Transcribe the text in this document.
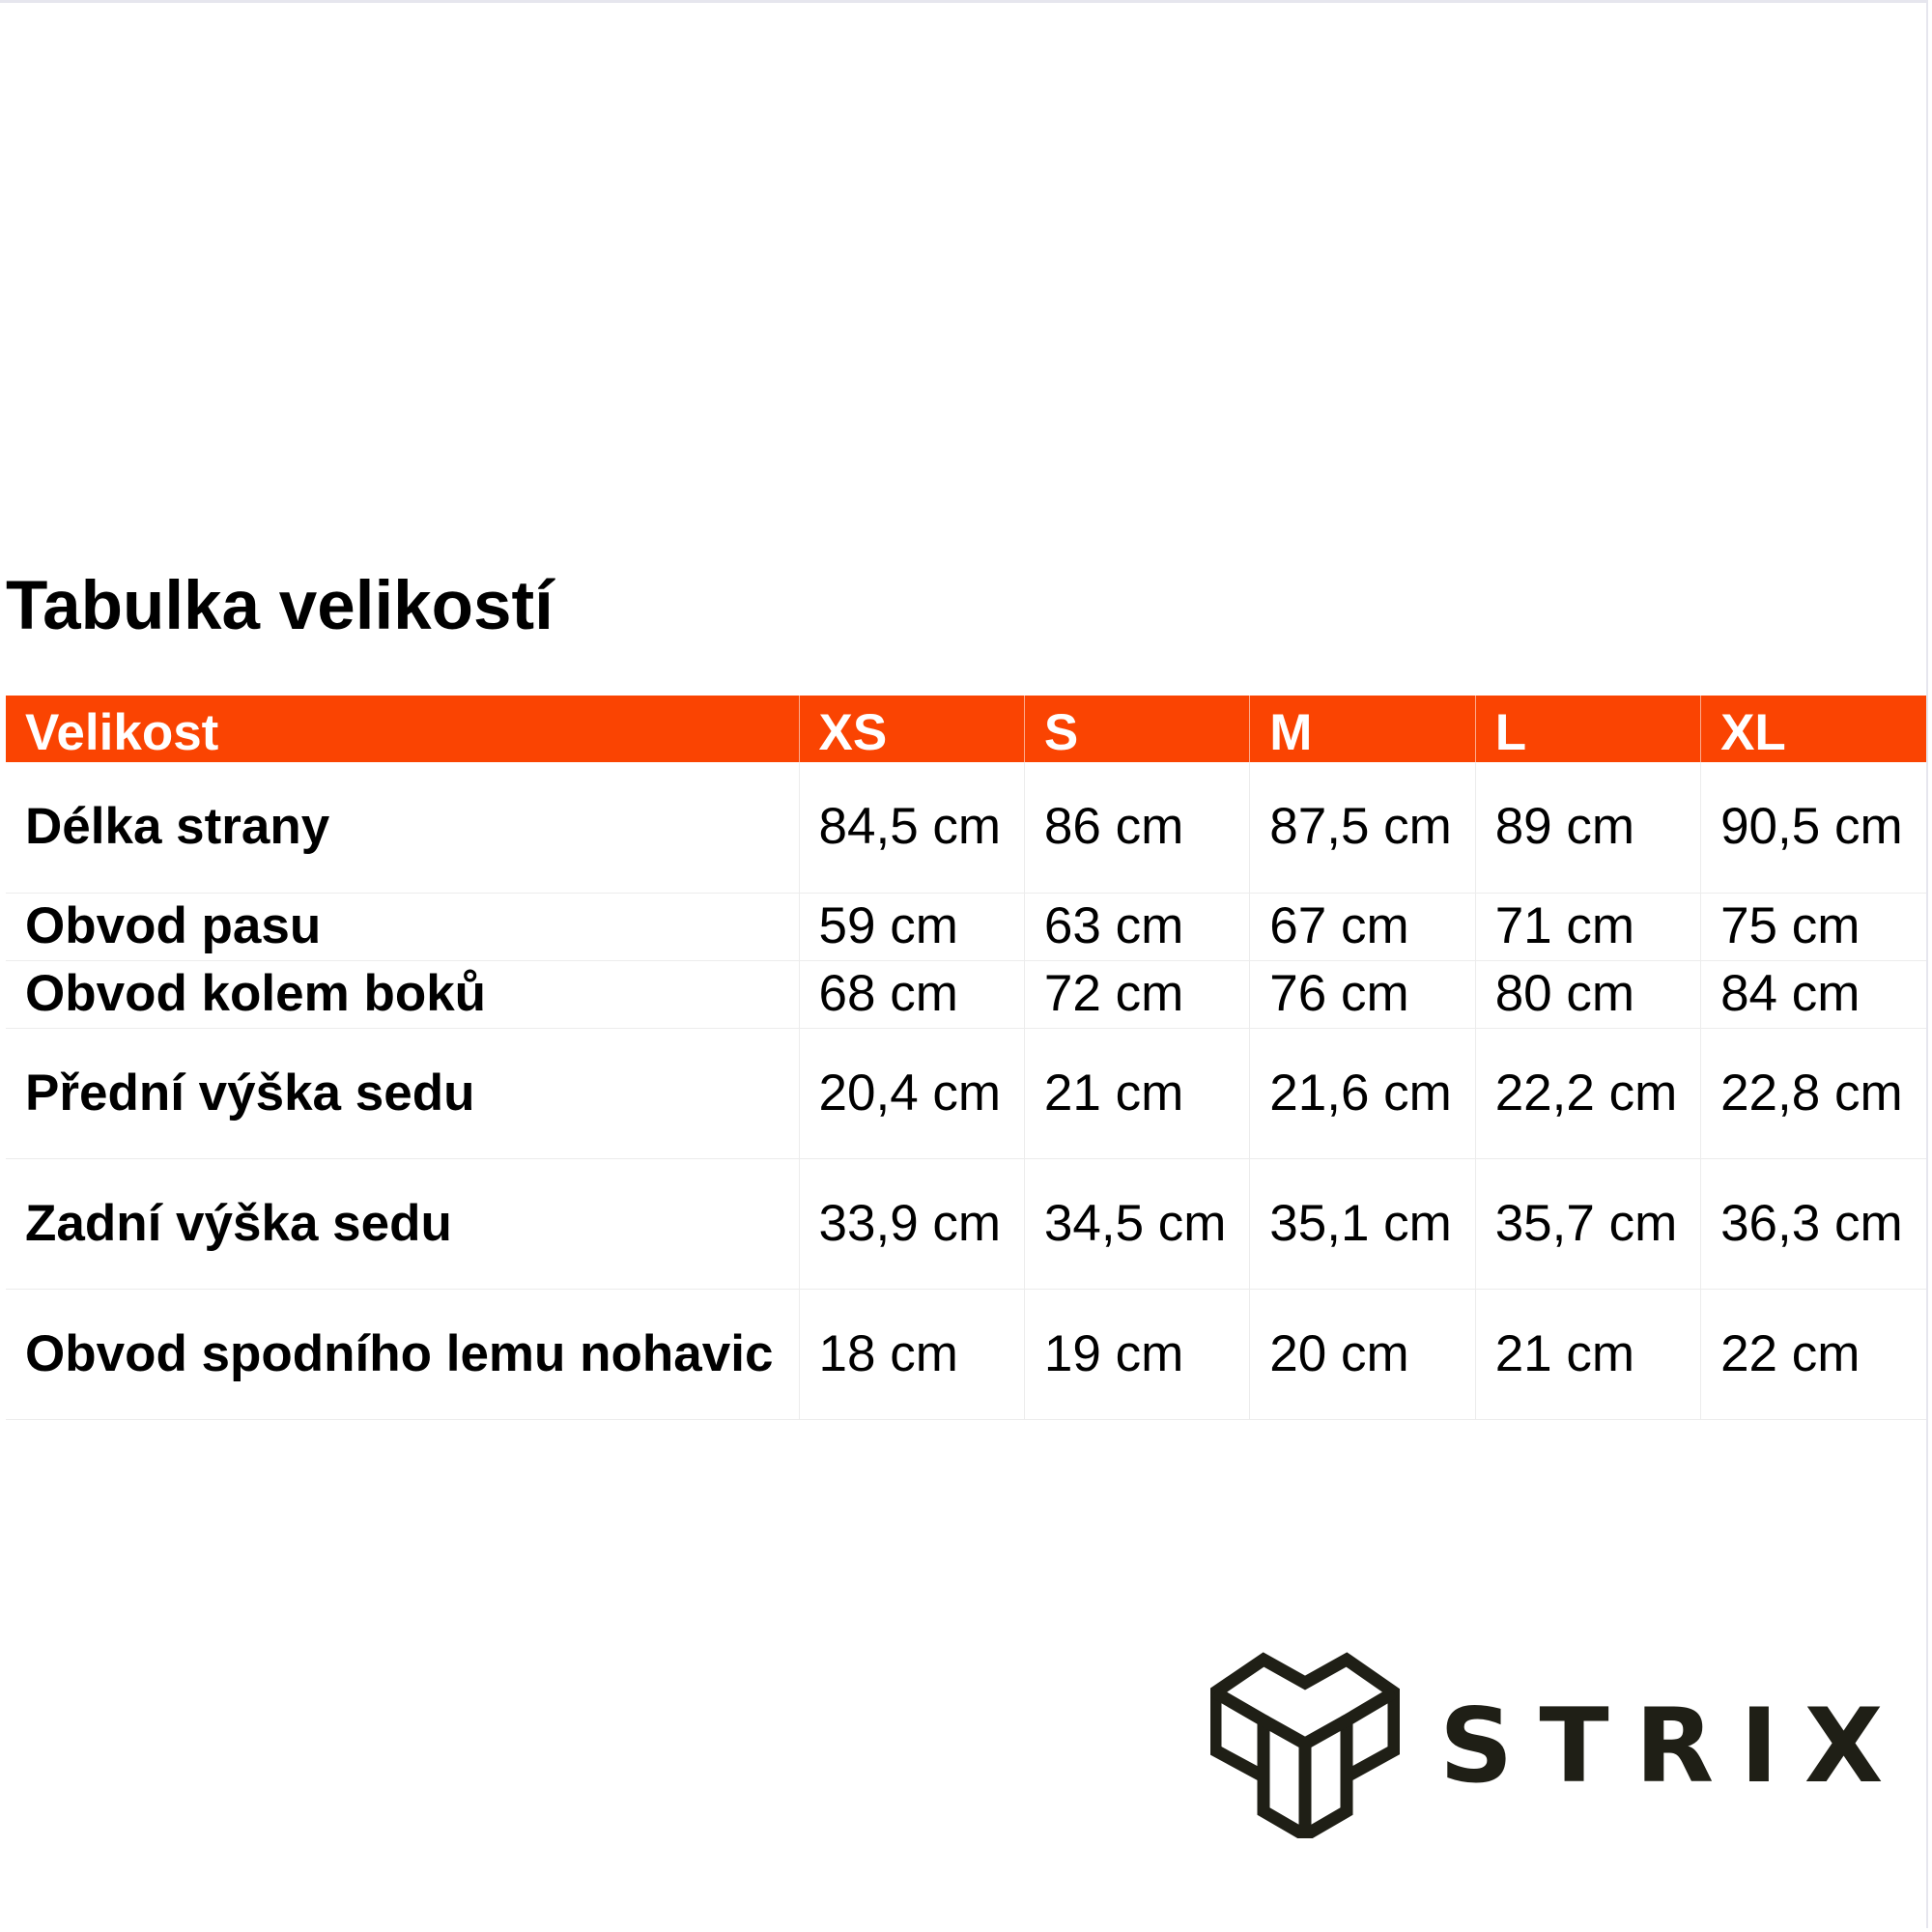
Tabulka velikostí
Velikost	XS	S	M	L	XL
Délka strany	84,5 cm	86 cm	87,5 cm	89 cm	90,5 cm
Obvod pasu	59 cm	63 cm	67 cm	71 cm	75 cm
Obvod kolem boků	68 cm	72 cm	76 cm	80 cm	84 cm
Přední výška sedu	20,4 cm	21 cm	21,6 cm	22,2 cm	22,8 cm
Zadní výška sedu	33,9 cm	34,5 cm	35,1 cm	35,7 cm	36,3 cm
Obvod spodního lemu nohavic	18 cm	19 cm	20 cm	21 cm	22 cm
STRIX
